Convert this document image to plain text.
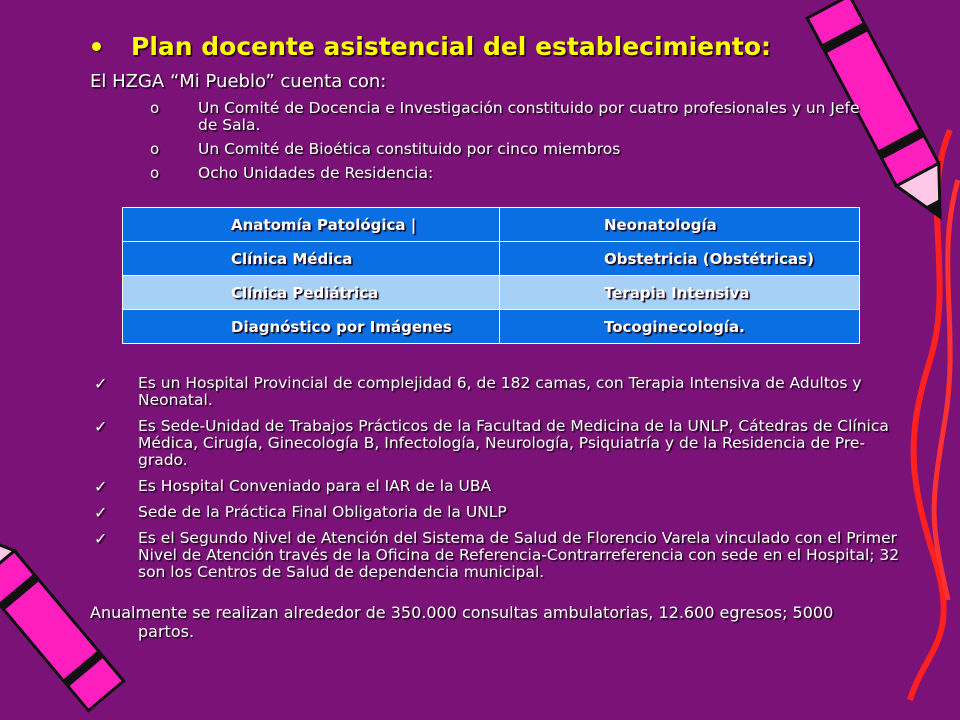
Plan docente asistencial del establecimiento:
El HZGA “Mi Pueblo” cuenta con:
o	Un Comité de Docencia e Investigación constituido por cuatro profesionales y un Jefe de Sala.
o	Un Comité de Bioética constituido por cinco miembros
o	Ocho Unidades de Residencia:
Anatomía Patológica |	Neonatología
Clínica Médica	Obstetricia (Obstétricas)
Clínica Pediátrica	Terapia Intensiva
Diagnóstico por Imágenes	Tocoginecología.
✓ Es un Hospital Provincial de complejidad 6, de 182 camas, con Terapia Intensiva de Adultos y Neonatal.
✓ Es Sede-Unidad de Trabajos Prácticos de la Facultad de Medicina de la UNLP, Cátedras de Clínica Médica, Cirugía, Ginecología B, Infectología, Neurología, Psiquiatría y de la Residencia de Pre-grado.
✓ Es Hospital Conveniado para el IAR de la UBA
✓ Sede de la Práctica Final Obligatoria de la UNLP
✓ Es el Segundo Nivel de Atención del Sistema de Salud de Florencio Varela vinculado con el Primer Nivel de Atención través de la Oficina de Referencia-Contrarreferencia con sede en el Hospital; 32 son los Centros de Salud de dependencia municipal.
Anualmente se realizan alrededor de 350.000 consultas ambulatorias, 12.600 egresos; 5000
partos.
